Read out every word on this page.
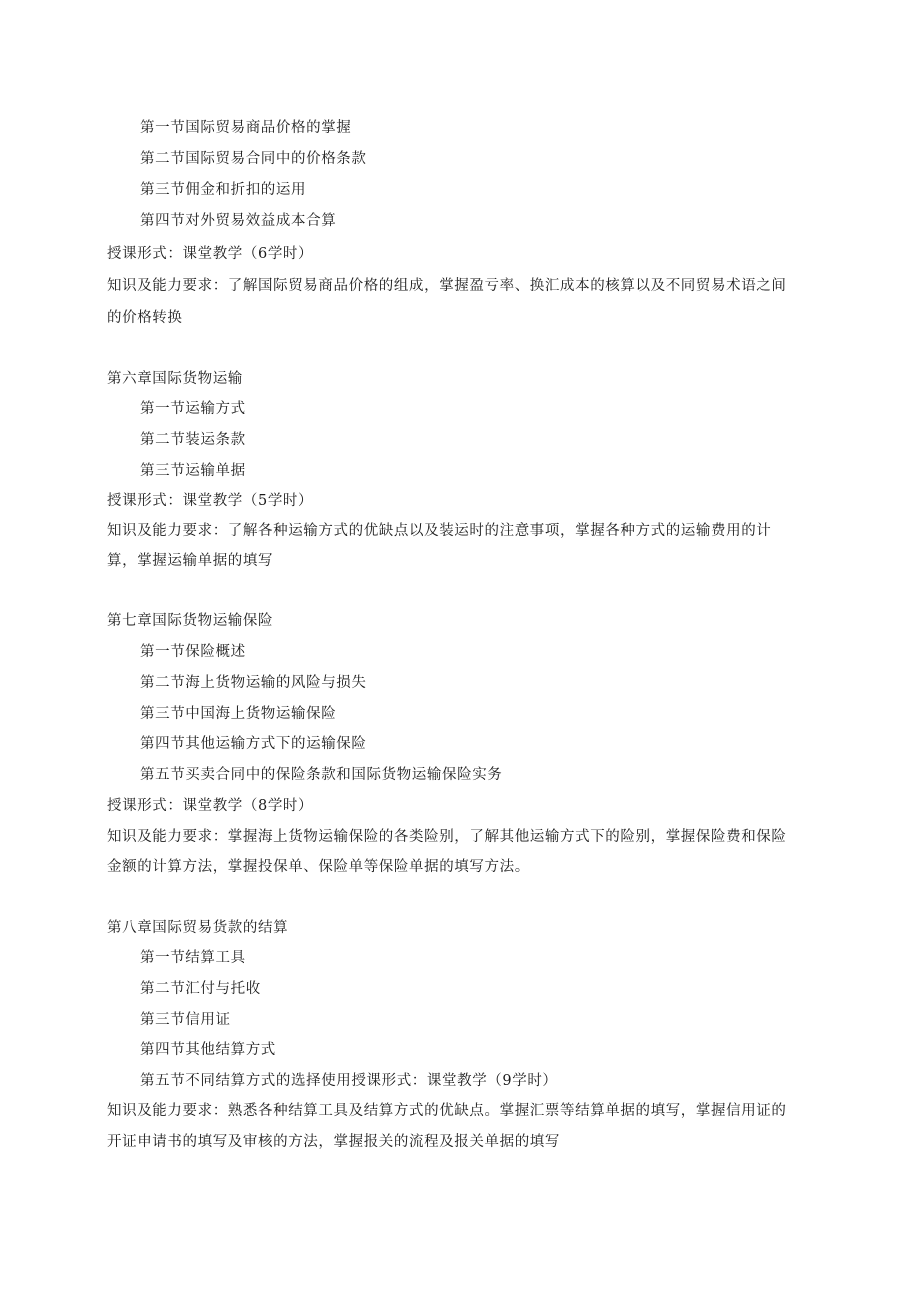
第一节国际贸易商品价格的掌握
第二节国际贸易合同中的价格条款
第三节佣金和折扣的运用
第四节对外贸易效益成本合算
授课形式：课堂教学（6学时）
知识及能力要求：了解国际贸易商品价格的组成，掌握盈亏率、换汇成本的核算以及不同贸易术语之间
的价格转换
第六章国际货物运输
第一节运输方式
第二节装运条款
第三节运输单据
授课形式：课堂教学（5学时）
知识及能力要求：了解各种运输方式的优缺点以及装运时的注意事项，掌握各种方式的运输费用的计
算，掌握运输单据的填写
第七章国际货物运输保险
第一节保险概述
第二节海上货物运输的风险与损失
第三节中国海上货物运输保险
第四节其他运输方式下的运输保险
第五节买卖合同中的保险条款和国际货物运输保险实务
授课形式：课堂教学（8学时）
知识及能力要求：掌握海上货物运输保险的各类险别，了解其他运输方式下的险别，掌握保险费和保险
金额的计算方法，掌握投保单、保险单等保险单据的填写方法。
第八章国际贸易货款的结算
第一节结算工具
第二节汇付与托收
第三节信用证
第四节其他结算方式
第五节不同结算方式的选择使用授课形式：课堂教学（9学时）
知识及能力要求：熟悉各种结算工具及结算方式的优缺点。掌握汇票等结算单据的填写，掌握信用证的
开证申请书的填写及审核的方法，掌握报关的流程及报关单据的填写
